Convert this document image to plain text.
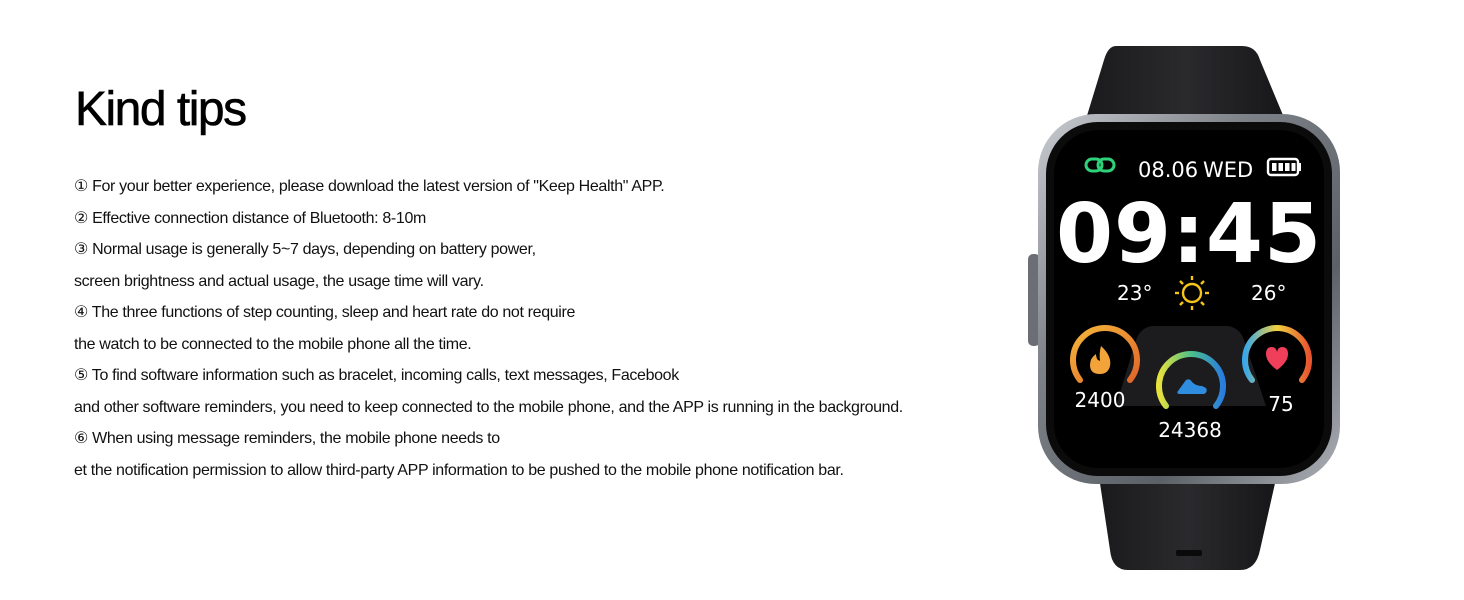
Kind tips
① For your better experience, please download the latest version of "Keep Health" APP.
② Effective connection distance of Bluetooth: 8-10m
③ Normal usage is generally 5~7 days, depending on battery power,
screen brightness and actual usage, the usage time will vary.
④ The three functions of step counting, sleep and heart rate do not require
the watch to be connected to the mobile phone all the time.
⑤ To find software information such as bracelet, incoming calls, text messages, Facebook
and other software reminders, you need to keep connected to the mobile phone, and the APP is running in the background.
⑥ When using message reminders, the mobile phone needs to
et the notification permission to allow third-party APP information to be pushed to the mobile phone notification bar.
08.06 WED
09:45
23°	26°
2400
24368
75
